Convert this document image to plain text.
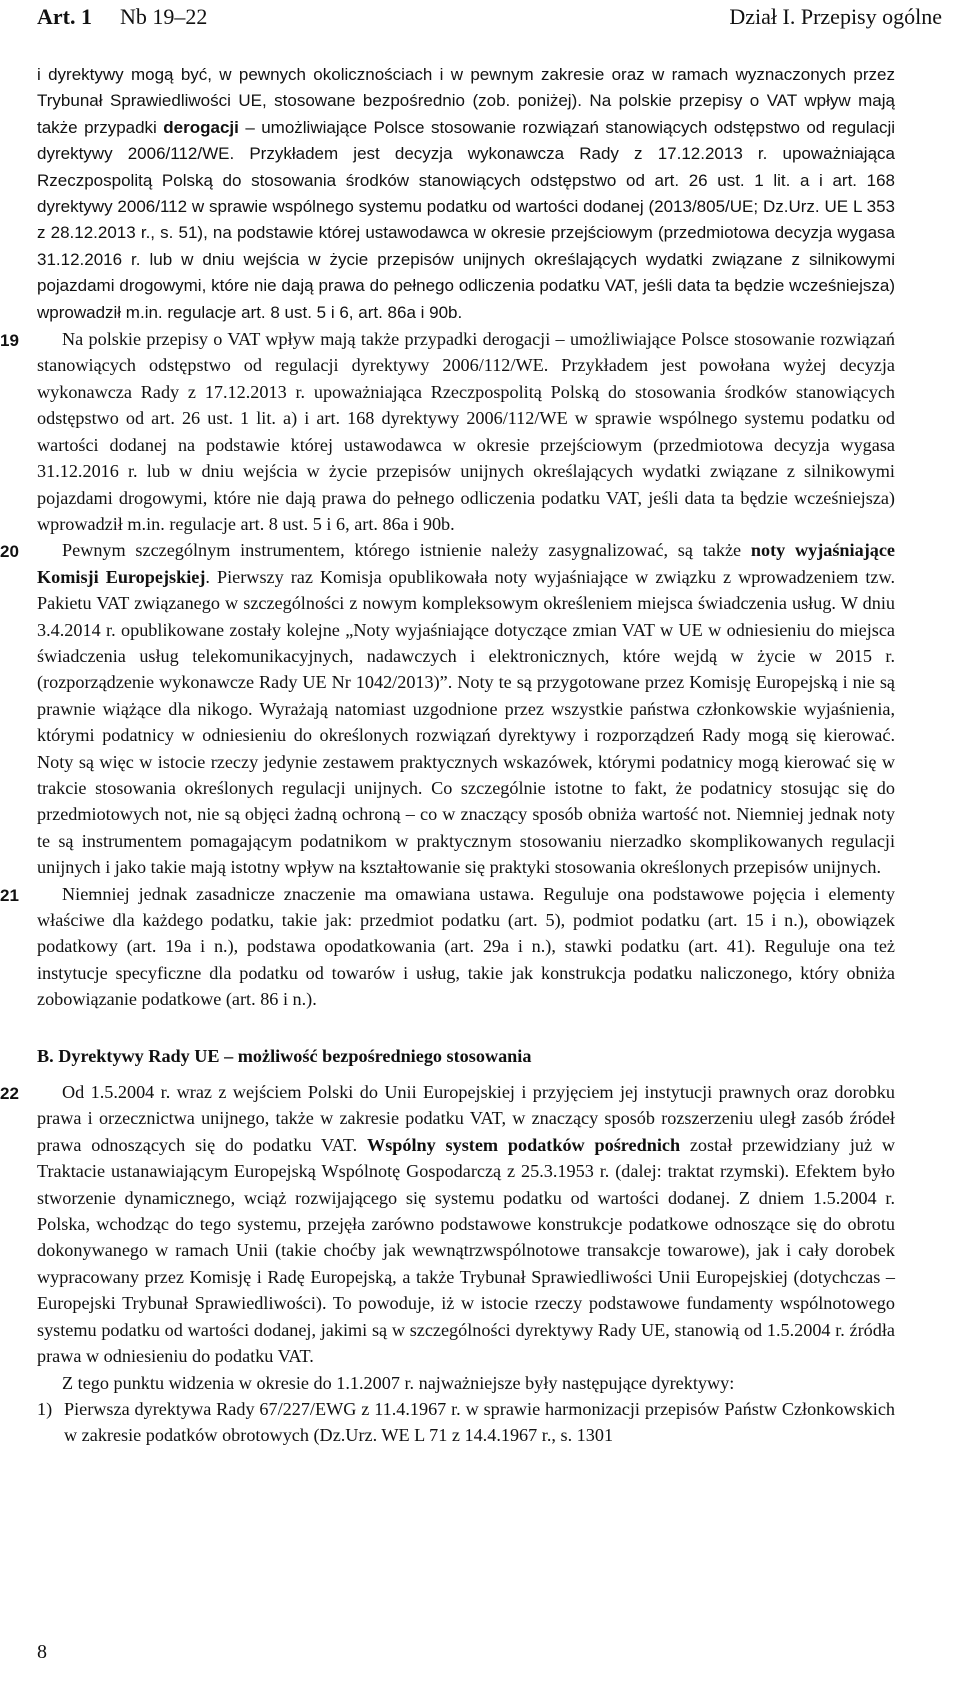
Art. 1 Nb 19–22	Dział I. Przepisy ogólne

i dyrektywy mogą być, w pewnych okolicznościach i w pewnym zakresie oraz w ramach wyznaczonych przez Trybunał Sprawiedliwości UE, stosowane bezpośrednio (zob. poniżej). Na polskie przepisy o VAT wpływ mają także przypadki derogacji – umożliwiające Polsce stosowanie rozwiązań stanowiących odstępstwo od regulacji dyrektywy 2006/112/WE. Przykładem jest decyzja wykonawcza Rady z 17.12.2013 r. upoważniająca Rzeczpospolitą Polską do stosowania środków stanowiących odstępstwo od art. 26 ust. 1 lit. a i art. 168 dyrektywy 2006/112 w sprawie wspólnego systemu podatku od wartości dodanej (2013/805/UE; Dz.Urz. UE L 353 z 28.12.2013 r., s. 51), na podstawie której ustawodawca w okresie przejściowym (przedmiotowa decyzja wygasa 31.12.2016 r. lub w dniu wejścia w życie przepisów unijnych określających wydatki związane z silnikowymi pojazdami drogowymi, które nie dają prawa do pełnego odliczenia podatku VAT, jeśli data ta będzie wcześniejsza) wprowadził m.in. regulacje art. 8 ust. 5 i 6, art. 86a i 90b.

19	Na polskie przepisy o VAT wpływ mają także przypadki derogacji – umożliwiające Polsce stosowanie rozwiązań stanowiących odstępstwo od regulacji dyrektywy 2006/112/WE. Przykładem jest powołana wyżej decyzja wykonawcza Rady z 17.12.2013 r. upoważniająca Rzeczpospolitą Polską do stosowania środków stanowiących odstępstwo od art. 26 ust. 1 lit. a) i art. 168 dyrektywy 2006/112/WE w sprawie wspólnego systemu podatku od wartości dodanej na podstawie której ustawodawca w okresie przejściowym (przedmiotowa decyzja wygasa 31.12.2016 r. lub w dniu wejścia w życie przepisów unijnych określających wydatki związane z silnikowymi pojazdami drogowymi, które nie dają prawa do pełnego odliczenia podatku VAT, jeśli data ta będzie wcześniejsza) wprowadził m.in. regulacje art. 8 ust. 5 i 6, art. 86a i 90b.

20	Pewnym szczególnym instrumentem, którego istnienie należy zasygnalizować, są także noty wyjaśniające Komisji Europejskiej. Pierwszy raz Komisja opublikowała noty wyjaśniające w związku z wprowadzeniem tzw. Pakietu VAT związanego w szczególności z nowym kompleksowym określeniem miejsca świadczenia usług. W dniu 3.4.2014 r. opublikowane zostały kolejne „Noty wyjaśniające dotyczące zmian VAT w UE w odniesieniu do miejsca świadczenia usług telekomunikacyjnych, nadawczych i elektronicznych, które wejdą w życie w 2015 r. (rozporządzenie wykonawcze Rady UE Nr 1042/2013)”. Noty te są przygotowane przez Komisję Europejską i nie są prawnie wiążące dla nikogo. Wyrażają natomiast uzgodnione przez wszystkie państwa członkowskie wyjaśnienia, którymi podatnicy w odniesieniu do określonych rozwiązań dyrektywy i rozporządzeń Rady mogą się kierować. Noty są więc w istocie rzeczy jedynie zestawem praktycznych wskazówek, którymi podatnicy mogą kierować się w trakcie stosowania określonych regulacji unijnych. Co szczególnie istotne to fakt, że podatnicy stosując się do przedmiotowych not, nie są objęci żadną ochroną – co w znaczący sposób obniża wartość not. Niemniej jednak noty te są instrumentem pomagającym podatnikom w praktycznym stosowaniu nierzadko skomplikowanych regulacji unijnych i jako takie mają istotny wpływ na kształtowanie się praktyki stosowania określonych przepisów unijnych.

21	Niemniej jednak zasadnicze znaczenie ma omawiana ustawa. Reguluje ona podstawowe pojęcia i elementy właściwe dla każdego podatku, takie jak: przedmiot podatku (art. 5), podmiot podatku (art. 15 i n.), obowiązek podatkowy (art. 19a i n.), podstawa opodatkowania (art. 29a i n.), stawki podatku (art. 41). Reguluje ona też instytucje specyficzne dla podatku od towarów i usług, takie jak konstrukcja podatku naliczonego, który obniża zobowiązanie podatkowe (art. 86 i n.).

B. Dyrektywy Rady UE – możliwość bezpośredniego stosowania

22	Od 1.5.2004 r. wraz z wejściem Polski do Unii Europejskiej i przyjęciem jej instytucji prawnych oraz dorobku prawa i orzecznictwa unijnego, także w zakresie podatku VAT, w znaczący sposób rozszerzeniu uległ zasób źródeł prawa odnoszących się do podatku VAT. Wspólny system podatków pośrednich został przewidziany już w Traktacie ustanawiającym Europejską Wspólnotę Gospodarczą z 25.3.1953 r. (dalej: traktat rzymski). Efektem było stworzenie dynamicznego, wciąż rozwijającego się systemu podatku od wartości dodanej. Z dniem 1.5.2004 r. Polska, wchodząc do tego systemu, przejęła zarówno podstawowe konstrukcje podatkowe odnoszące się do obrotu dokonywanego w ramach Unii (takie choćby jak wewnątrzwspólnotowe transakcje towarowe), jak i cały dorobek wypracowany przez Komisję i Radę Europejską, a także Trybunał Sprawiedliwości Unii Europejskiej (dotychczas – Europejski Trybunał Sprawiedliwości). To powoduje, iż w istocie rzeczy podstawowe fundamenty wspólnotowego systemu podatku od wartości dodanej, jakimi są w szczególności dyrektywy Rady UE, stanowią od 1.5.2004 r. źródła prawa w odniesieniu do podatku VAT.

Z tego punktu widzenia w okresie do 1.1.2007 r. najważniejsze były następujące dyrektywy:

1) Pierwsza dyrektywa Rady 67/227/EWG z 11.4.1967 r. w sprawie harmonizacji przepisów Państw Członkowskich w zakresie podatków obrotowych (Dz.Urz. WE L 71 z 14.4.1967 r., s. 1301

8
